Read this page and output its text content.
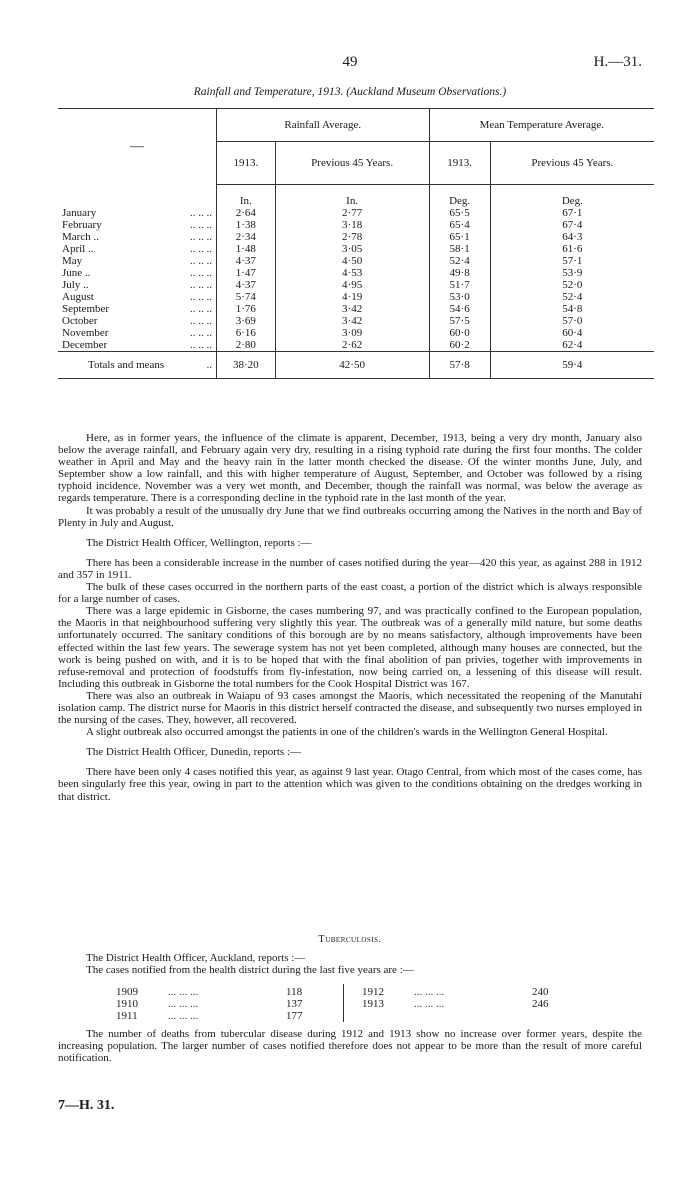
49	H.—31.
Rainfall and Temperature, 1913. (Auckland Museum Observations.)
—	Rainfall Average.		Mean Temperature Average.	
	1913.	Previous 45 Years.	1913.	Previous 45 Years.
	In.	In.	Deg.	Deg.
January .. .. ..	2·64	2·77	65·5	67·1
February .. .. ..	1·38	3·18	65·4	67·4
March .. .. .. ..	2·34	2·78	65·1	64·3
April .. .. .. ..	1·48	3·05	58·1	61·6
May .. .. ..	4·37	4·50	52·4	57·1
June .. .. .. ..	1·47	4·53	49·8	53·9
July .. .. .. ..	4·37	4·95	51·7	52·0
August .. .. ..	5·74	4·19	53·0	52·4
September .. .. ..	1·76	3·42	54·6	54·8
October .. .. ..	3·69	3·42	57·5	57·0
November .. .. ..	6·16	3·09	60·0	60·4
December .. .. ..	2·80	2·62	60·2	62·4
Totals and means ..	38·20	42·50	57·8	59·4

Here, as in former years, the influence of the climate is apparent, December, 1913, being a very dry month, January also below the average rainfall, and February again very dry, resulting in a rising typhoid rate during the first four months. The colder weather in April and May and the heavy rain in the latter month checked the disease. Of the winter months June, July, and September show a low rainfall, and this with higher temperature of August, September, and October was followed by a rising typhoid incidence. November was a very wet month, and December, though the rainfall was normal, was below the average as regards temperature. There is a corresponding decline in the typhoid rate in the last month of the year.

It was probably a result of the unusually dry June that we find outbreaks occurring among the Natives in the north and Bay of Plenty in July and August.

The District Health Officer, Wellington, reports :—

There has been a considerable increase in the number of cases notified during the year—420 this year, as against 288 in 1912 and 357 in 1911.

The bulk of these cases occurred in the northern parts of the east coast, a portion of the district which is always responsible for a large number of cases.

There was a large epidemic in Gisborne, the cases numbering 97, and was practically confined to the European population, the Maoris in that neighbourhood suffering very slightly this year. The outbreak was of a generally mild nature, but some deaths unfortunately occurred. The sanitary conditions of this borough are by no means satisfactory, although improvements have been effected within the last few years. The sewerage system has not yet been completed, although many houses are connected, but the work is being pushed on with, and it is to be hoped that with the final abolition of pan privies, together with improvements in refuse-removal and protection of foodstuffs from fly-infestation, now being carried on, a lessening of this disease will result. Including this outbreak in Gisborne the total numbers for the Cook Hospital District was 167.

There was also an outbreak in Waiapu of 93 cases amongst the Maoris, which necessitated the reopening of the Manutahi isolation camp. The district nurse for Maoris in this district herself contracted the disease, and subsequently two nurses employed in the nursing of the cases. They, however, all recovered.

A slight outbreak also occurred amongst the patients in one of the children's wards in the Wellington General Hospital.

The District Health Officer, Dunedin, reports :—

There have been only 4 cases notified this year, as against 9 last year. Otago Central, from which most of the cases come, has been singularly free this year, owing in part to the attention which was given to the conditions obtaining on the dredges working in that district.

Tuberculosis.

The District Health Officer, Auckland, reports :—

The cases notified from the health district during the last five years are :—

1909	... ... ...	118
1910	... ... ...	137
1911	... ... ...	177
1912	... ... ...	240
1913	... ... ...	246

The number of deaths from tubercular disease during 1912 and 1913 show no increase over former years, despite the increasing population. The larger number of cases notified therefore does not appear to be more than the result of more careful notification.

7—H. 31.
